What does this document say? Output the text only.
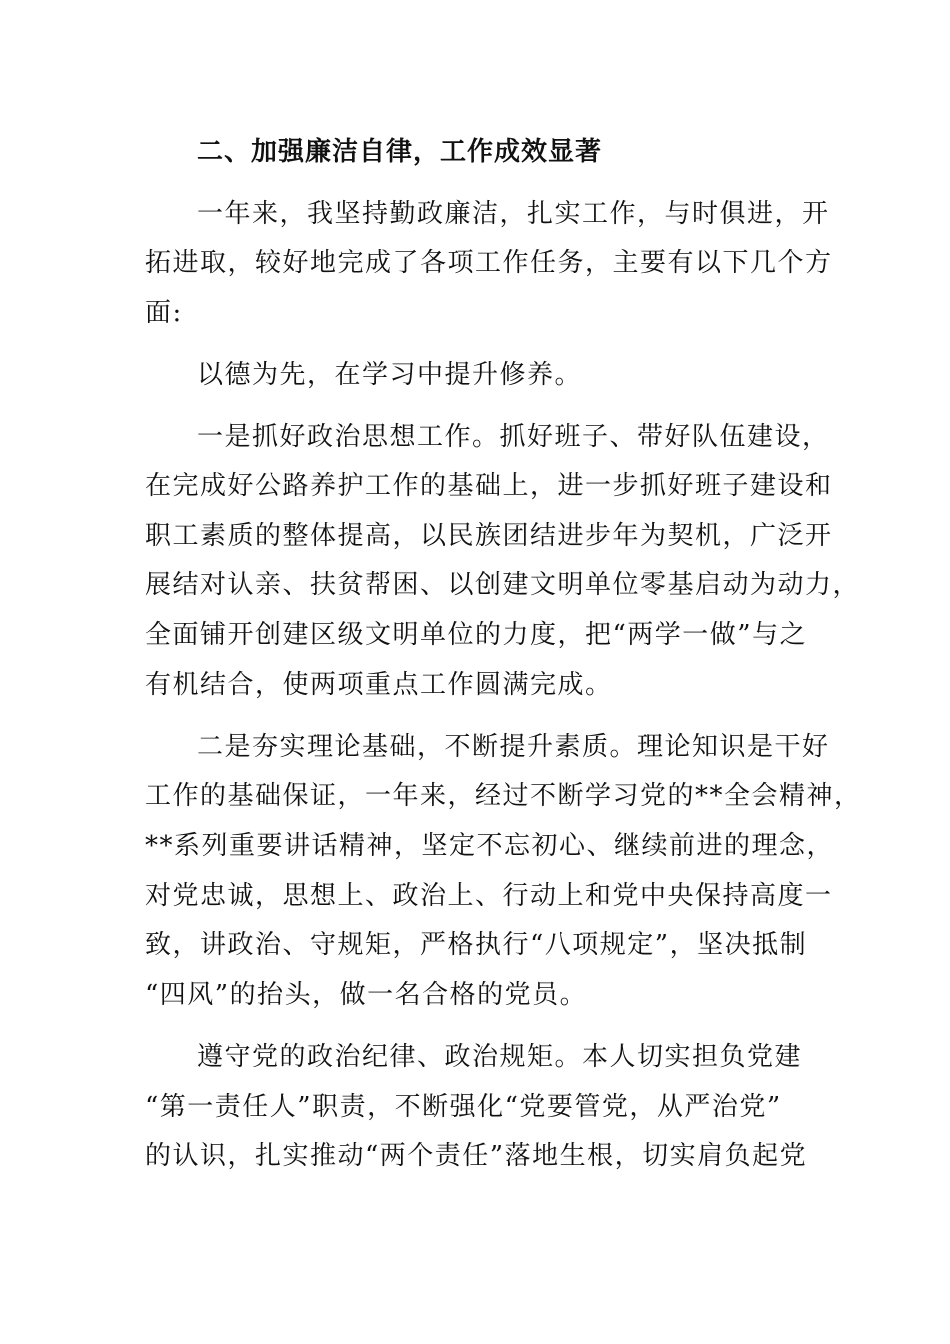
二、加强廉洁自律，工作成效显著

一年来，我坚持勤政廉洁，扎实工作，与时俱进，开

拓进取，较好地完成了各项工作任务，主要有以下几个方

面:

以德为先，在学习中提升修养。

一是抓好政治思想工作。抓好班子、带好队伍建设，

在完成好公路养护工作的基础上，进一步抓好班子建设和

职工素质的整体提高，以民族团结进步年为契机，广泛开

展结对认亲、扶贫帮困、以创建文明单位零基启动为动力，

全面铺开创建区级文明单位的力度，把“两学一做”与之

有机结合，使两项重点工作圆满完成。

二是夯实理论基础，不断提升素质。理论知识是干好

工作的基础保证，一年来，经过不断学习党的**全会精神，

**系列重要讲话精神，坚定不忘初心、继续前进的理念，

对党忠诚，思想上、政治上、行动上和党中央保持高度一

致，讲政治、守规矩，严格执行“八项规定”，坚决抵制

“四风”的抬头，做一名合格的党员。

遵守党的政治纪律、政治规矩。本人切实担负党建

“第一责任人”职责，不断强化“党要管党，从严治党”

的认识，扎实推动“两个责任”落地生根，切实肩负起党
